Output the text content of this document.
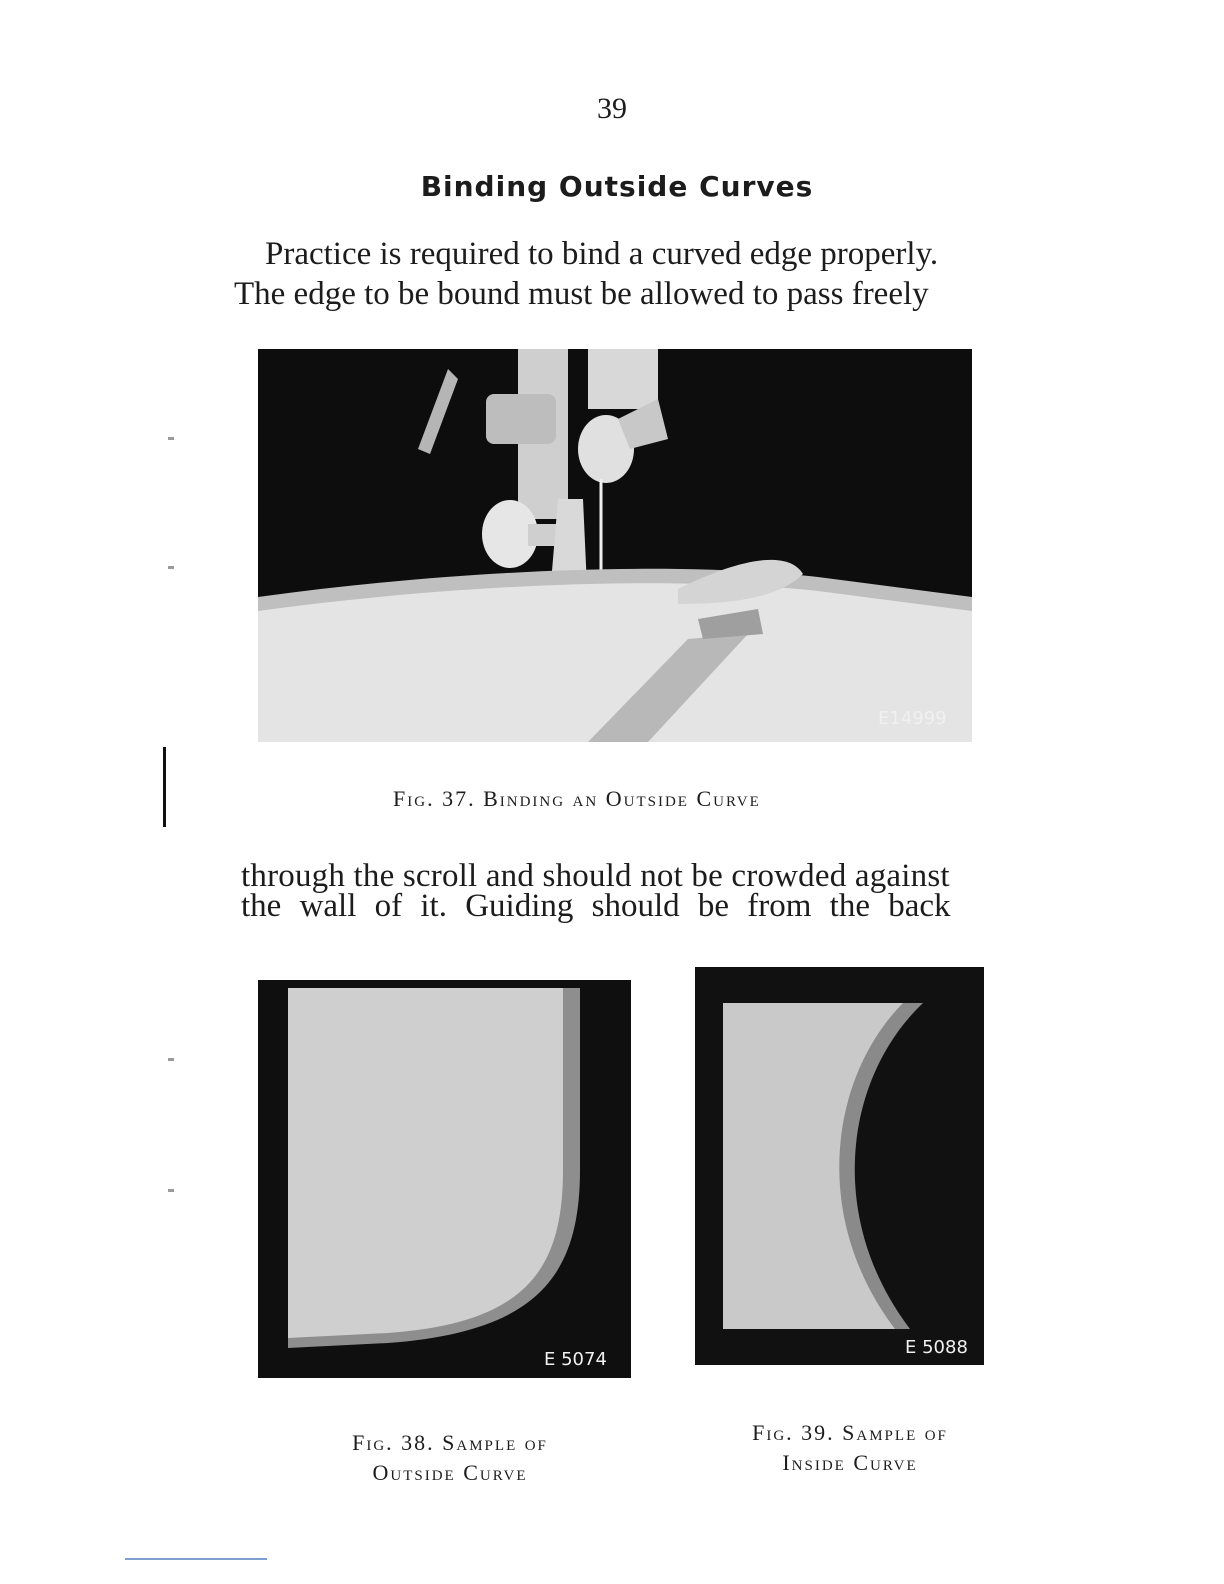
39
Binding Outside Curves
Practice is required to bind a curved edge properly.
The edge to be bound must be allowed to pass freely
E14999
Fig. 37. Binding an Outside Curve
through the scroll and should not be crowded against
the wall of it. Guiding should be from the back
E 5074
E 5088
Fig. 38. Sample of
Outside Curve
Fig. 39. Sample of
Inside Curve
